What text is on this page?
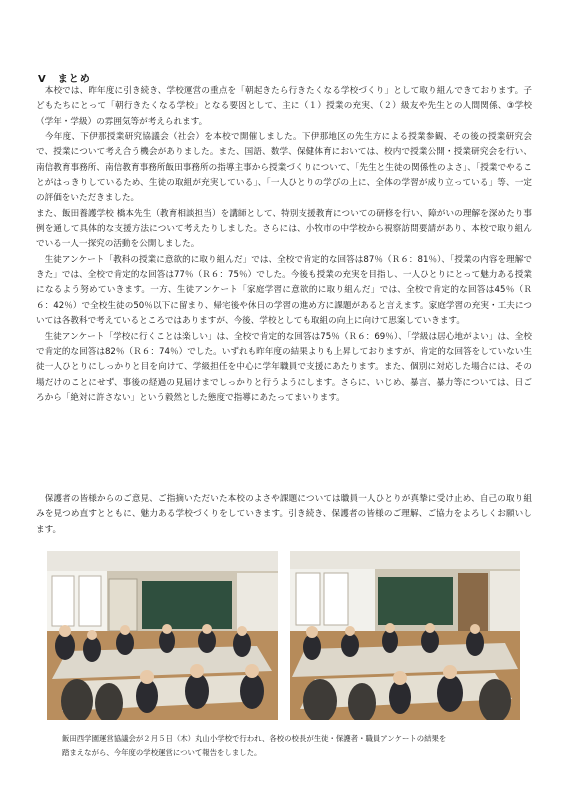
Ⅴ　まとめ

　本校では、昨年度に引き続き、学校運営の重点を「朝起きたら行きたくなる学校づくり」として取り組んできております。子どもたちにとって「朝行きたくなる学校」となる要因として、主に（１）授業の充実、（２）級友や先生との人間関係、③学校（学年・学級）の雰囲気等が考えられます。

　今年度、下伊那授業研究協議会（社会）を本校で開催しました。下伊那地区の先生方による授業参観、その後の授業研究会で、授業について考え合う機会がありました。また、国語、数学、保健体育においては、校内で授業公開・授業研究会を行い、南信教育事務所、南信教育事務所飯田事務所の指導主事から授業づくりについて、「先生と生徒の関係性のよさ」、「授業でやることがはっきりしているため、生徒の取組が充実している」、「一人ひとりの学びの上に、全体の学習が成り立っている」等、一定の評価をいただきました。

また、飯田養護学校 橋本先生（教育相談担当）を講師として、特別支援教育についての研修を行い、障がいの理解を深めたり事例を通して具体的な支援方法について考えたりしました。さらには、小牧市の中学校から視察訪問要請があり、本校で取り組んでいる一人一探究の活動を公開しました。

　生徒アンケート「教科の授業に意欲的に取り組んだ」では、全校で肯定的な回答は87％（Ｒ６：81％）、「授業の内容を理解できた」では、全校で肯定的な回答は77％（Ｒ６：75％）でした。今後も授業の充実を目指し、一人ひとりにとって魅力ある授業になるよう努めていきます。一方、生徒アンケート「家庭学習に意欲的に取り組んだ」では、全校で肯定的な回答は45％（Ｒ６：42％）で全校生徒の50％以下に留まり、帰宅後や休日の学習の進め方に課題があると言えます。家庭学習の充実・工夫については各教科で考えているところではありますが、今後、学校としても取組の向上に向けて思案していきます。

　生徒アンケート「学校に行くことは楽しい」は、全校で肯定的な回答は75％（Ｒ６：69％）、「学級は居心地がよい」は、全校で肯定的な回答は82％（Ｒ６：74％）でした。いずれも昨年度の結果よりも上昇しておりますが、肯定的な回答をしていない生徒一人ひとりにしっかりと目を向けて、学級担任を中心に学年職員で支援にあたります。また、個別に対応した場合には、その場だけのことにせず、事後の経過の見届けまでしっかりと行うようにします。さらに、いじめ、暴言、暴力等については、日ごろから「絶対に許さない」という毅然とした態度で指導にあたってまいります。

　保護者の皆様からのご意見、ご指摘いただいた本校のよさや課題については職員一人ひとりが真摯に受け止め、自己の取り組みを見つめ直すとともに、魅力ある学校づくりをしていきます。引き続き、保護者の皆様のご理解、ご協力をよろしくお願いします。

飯田西学園運営協議会が２月５日（木）丸山小学校で行われ、各校の校長が生徒・保護者・職員アンケートの結果を

踏まえながら、今年度の学校運営について報告をしました。
